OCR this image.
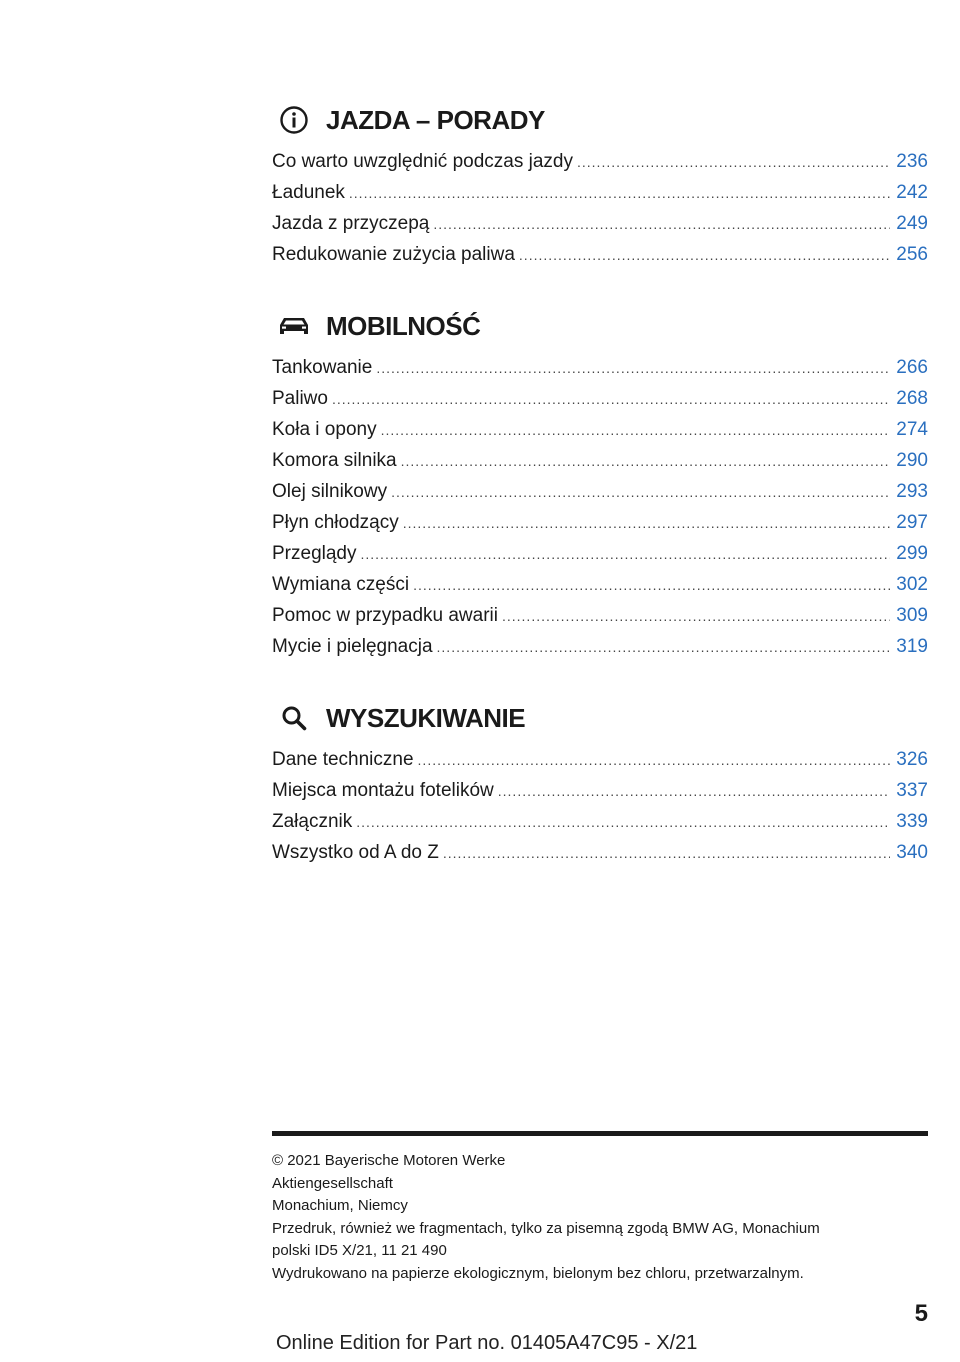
JAZDA – PORADY
Co warto uwzględnić podczas jazdy .....	236
Ładunek .....	242
Jazda z przyczepą .....	249
Redukowanie zużycia paliwa .....	256
MOBILNOŚĆ
Tankowanie .....	266
Paliwo .....	268
Koła i opony .....	274
Komora silnika .....	290
Olej silnikowy .....	293
Płyn chłodzący .....	297
Przeglądy .....	299
Wymiana części .....	302
Pomoc w przypadku awarii .....	309
Mycie i pielęgnacja .....	319
WYSZUKIWANIE
Dane techniczne .....	326
Miejsca montażu fotelików .....	337
Załącznik .....	339
Wszystko od A do Z .....	340
© 2021 Bayerische Motoren Werke
Aktiengesellschaft
Monachium, Niemcy
Przedruk, również we fragmentach, tylko za pisemną zgodą BMW AG, Monachium
polski ID5 X/21, 11 21 490
Wydrukowano na papierze ekologicznym, bielonym bez chloru, przetwarzalnym.
5
Online Edition for Part no. 01405A47C95 - X/21
